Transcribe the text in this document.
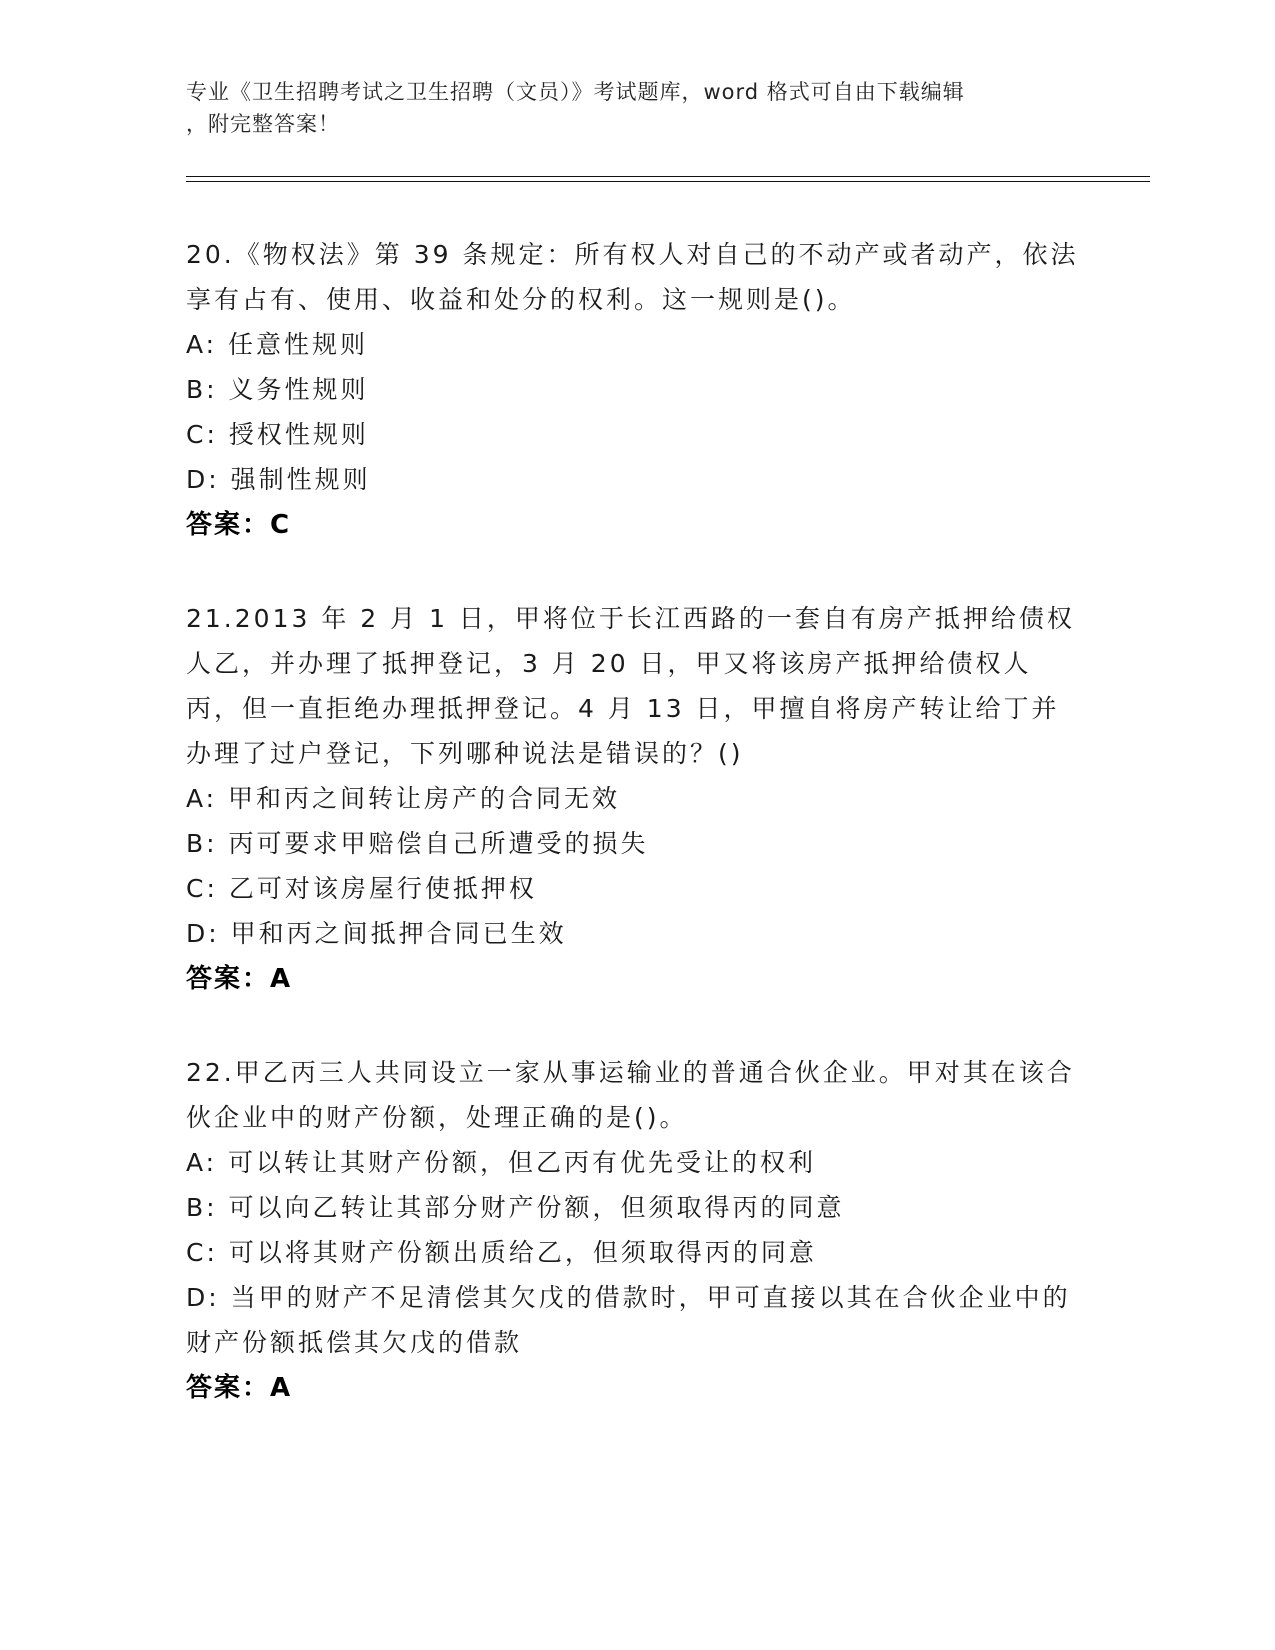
专业《卫生招聘考试之卫生招聘（文员）》考试题库，word 格式可自由下载编辑
，附完整答案！
20.《物权法》第 39 条规定：所有权人对自己的不动产或者动产，依法享有占有、使用、收益和处分的权利。这一规则是()。
A: 任意性规则
B: 义务性规则
C: 授权性规则
D: 强制性规则
答案：C
21.2013 年 2 月 1 日，甲将位于长江西路的一套自有房产抵押给债权人乙，并办理了抵押登记，3 月 20 日，甲又将该房产抵押给债权人丙，但一直拒绝办理抵押登记。4 月 13 日，甲擅自将房产转让给丁并办理了过户登记，下列哪种说法是错误的？()
A: 甲和丙之间转让房产的合同无效
B: 丙可要求甲赔偿自己所遭受的损失
C: 乙可对该房屋行使抵押权
D: 甲和丙之间抵押合同已生效
答案：A
22.甲乙丙三人共同设立一家从事运输业的普通合伙企业。甲对其在该合伙企业中的财产份额，处理正确的是()。
A: 可以转让其财产份额，但乙丙有优先受让的权利
B: 可以向乙转让其部分财产份额，但须取得丙的同意
C: 可以将其财产份额出质给乙，但须取得丙的同意
D: 当甲的财产不足清偿其欠戊的借款时，甲可直接以其在合伙企业中的财产份额抵偿其欠戊的借款
答案：A
